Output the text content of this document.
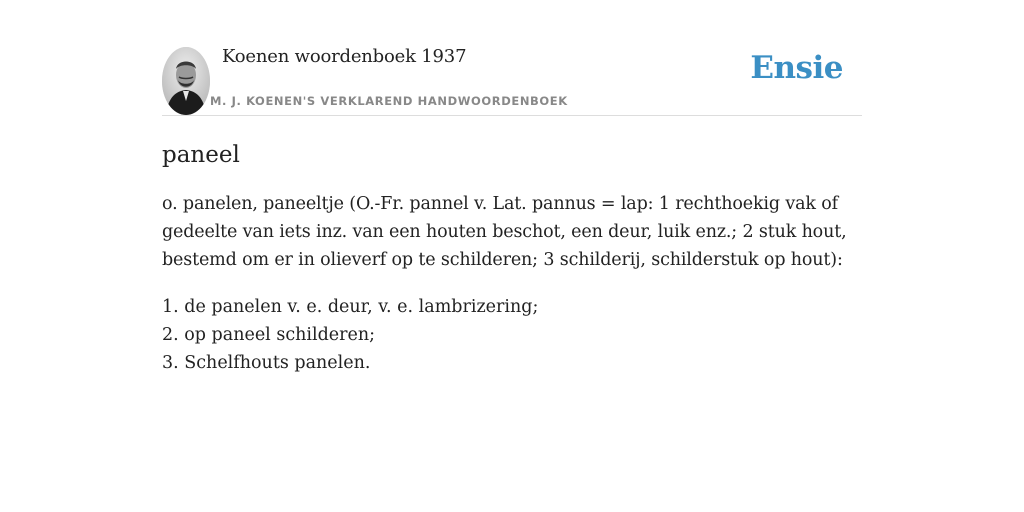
Koenen woordenboek 1937
M. J. KOENEN'S VERKLAREND HANDWOORDENBOEK
Ensie
paneel

o. panelen, paneeltje (O.-Fr. pannel v. Lat. pannus = lap: 1 rechthoekig vak of gedeelte van iets inz. van een houten beschot, een deur, luik enz.; 2 stuk hout, bestemd om er in olieverf op te schilderen; 3 schilderij, schilderstuk op hout):

1. de panelen v. e. deur, v. e. lambrizering;
2. op paneel schilderen;
3. Schelfhouts panelen.
